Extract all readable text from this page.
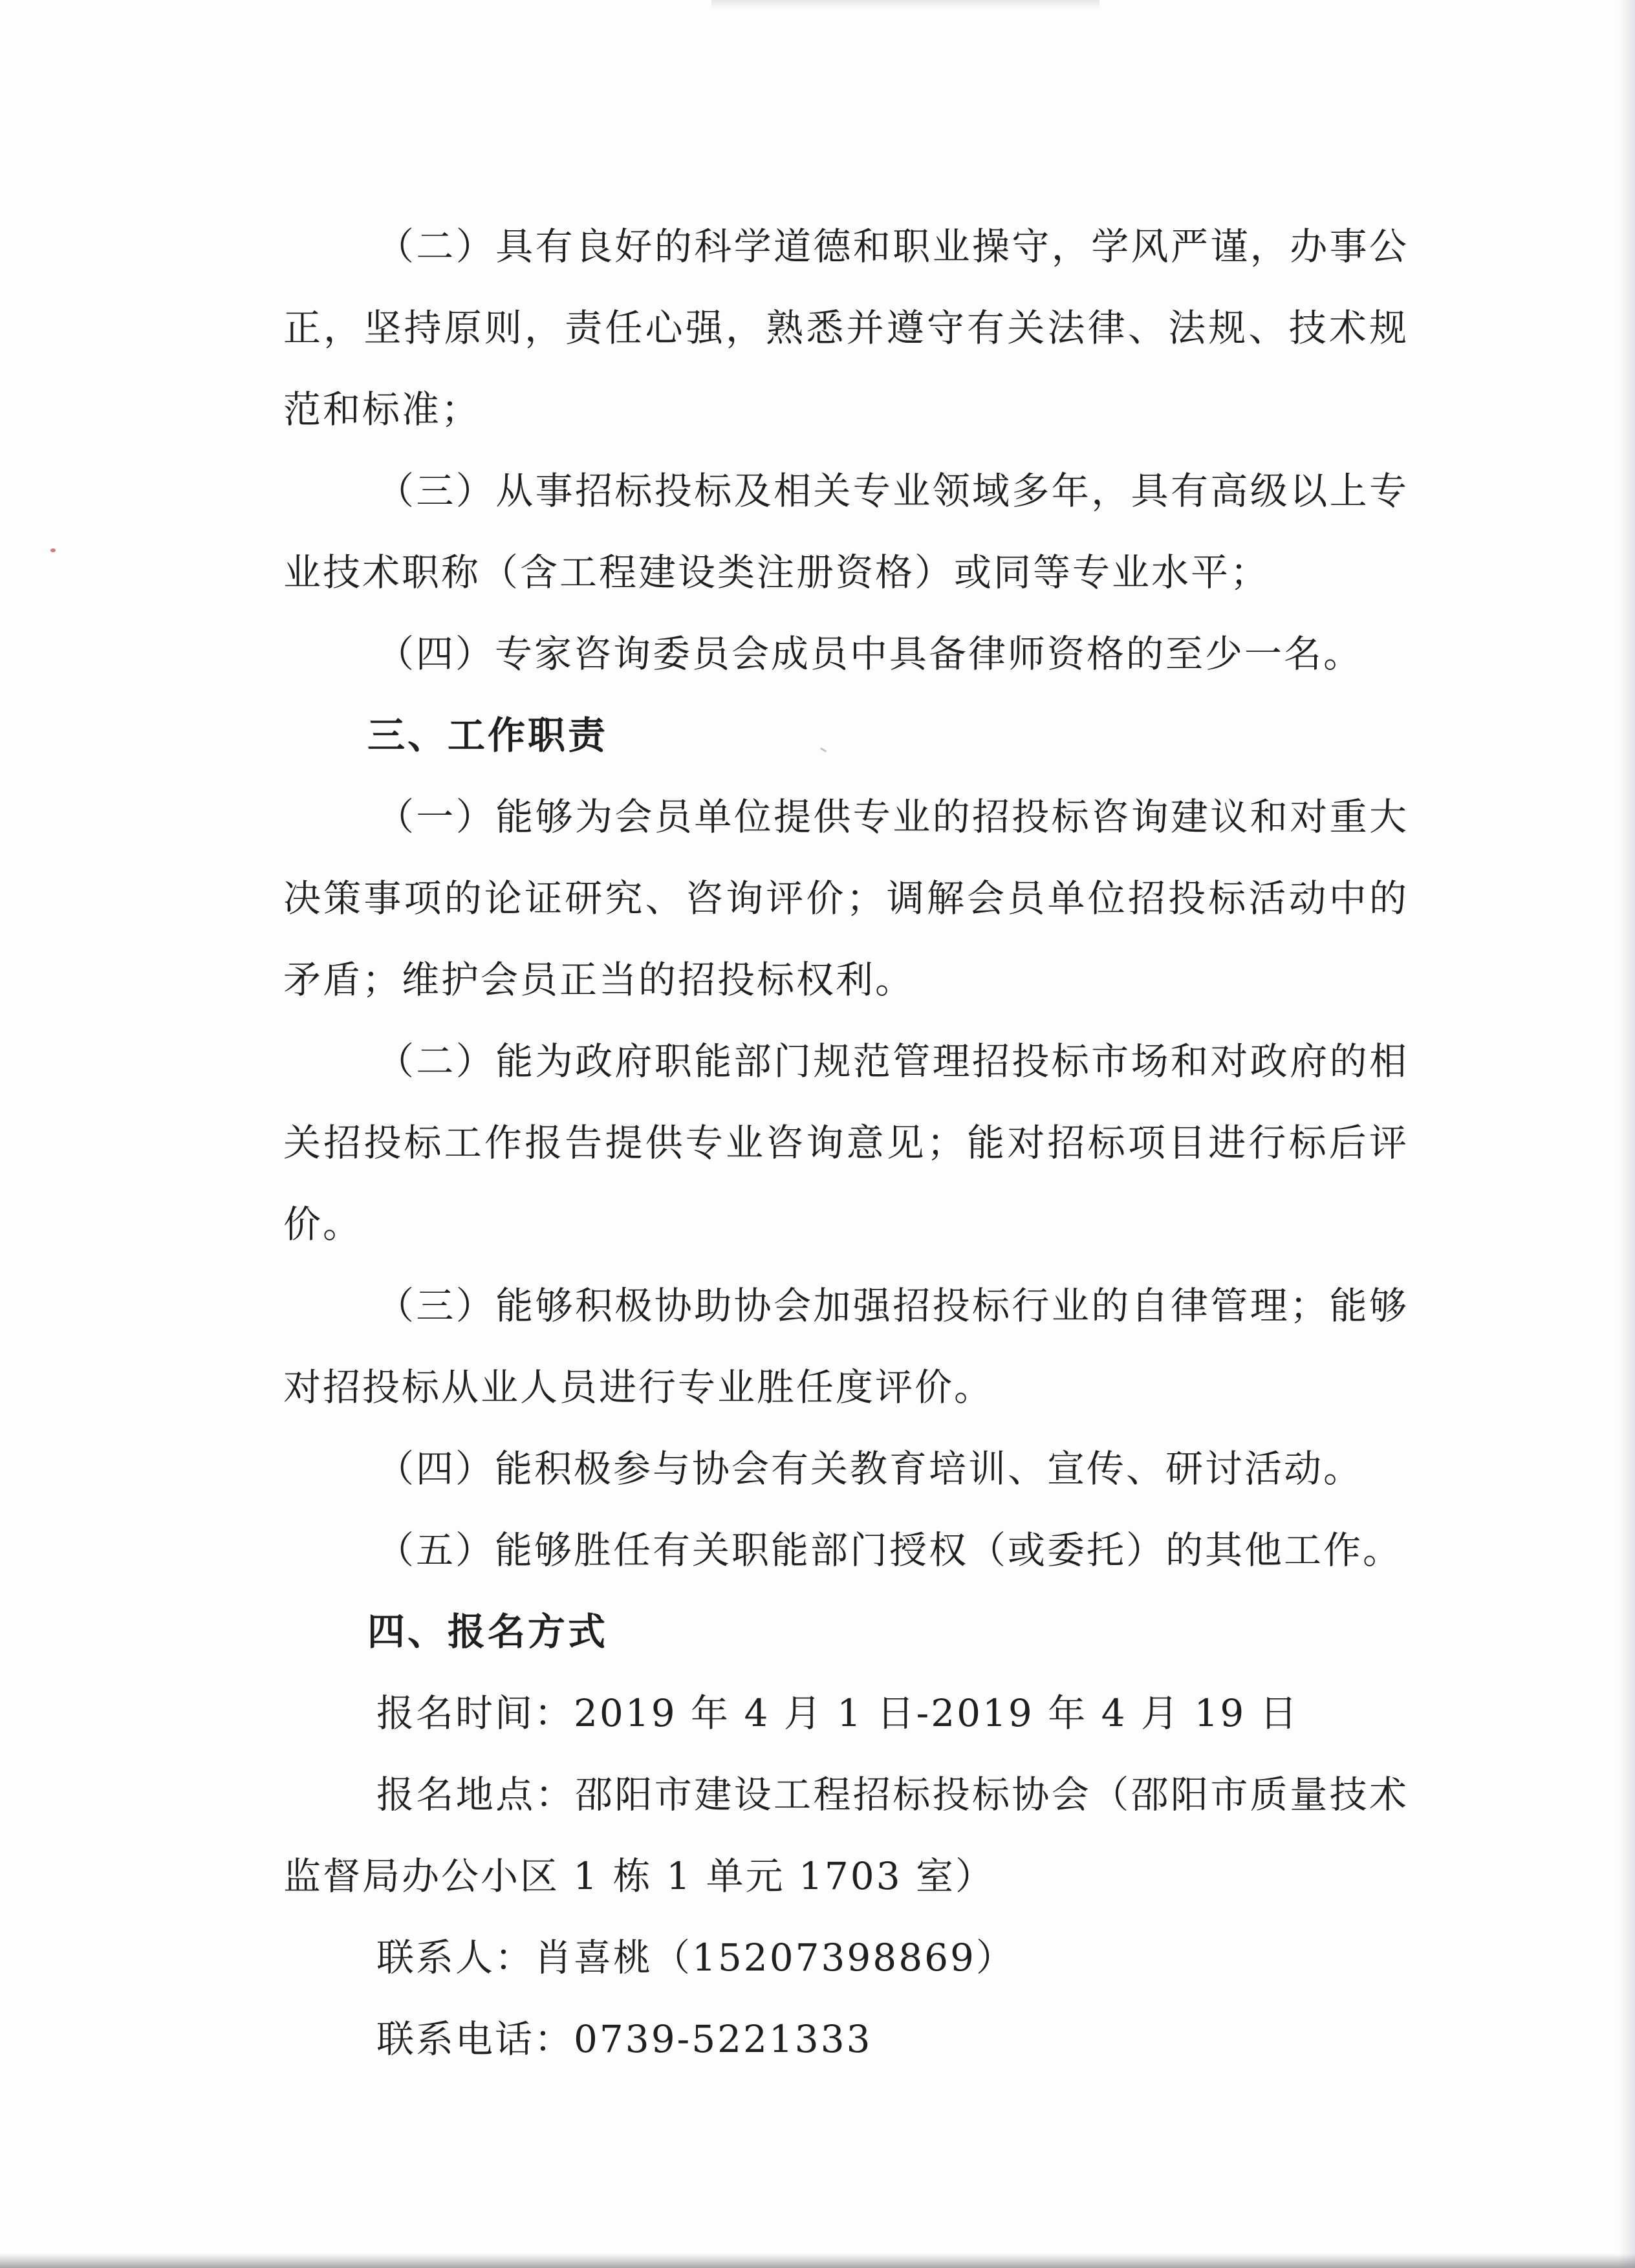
（二）具有良好的科学道德和职业操守，学风严谨，办事公正，坚持原则，责任心强，熟悉并遵守有关法律、法规、技术规范和标准；

（三）从事招标投标及相关专业领域多年，具有高级以上专业技术职称（含工程建设类注册资格）或同等专业水平；

（四）专家咨询委员会成员中具备律师资格的至少一名。

三、工作职责

（一）能够为会员单位提供专业的招投标咨询建议和对重大决策事项的论证研究、咨询评价；调解会员单位招投标活动中的矛盾；维护会员正当的招投标权利。

（二）能为政府职能部门规范管理招投标市场和对政府的相关招投标工作报告提供专业咨询意见；能对招标项目进行标后评价。

（三）能够积极协助协会加强招投标行业的自律管理；能够对招投标从业人员进行专业胜任度评价。

（四）能积极参与协会有关教育培训、宣传、研讨活动。

（五）能够胜任有关职能部门授权（或委托）的其他工作。

四、报名方式

报名时间：2019 年 4 月 1 日-2019 年 4 月 19 日

报名地点：邵阳市建设工程招标投标协会（邵阳市质量技术监督局办公小区 1 栋 1 单元 1703 室）

联系人：肖喜桃（15207398869）

联系电话：0739-5221333
